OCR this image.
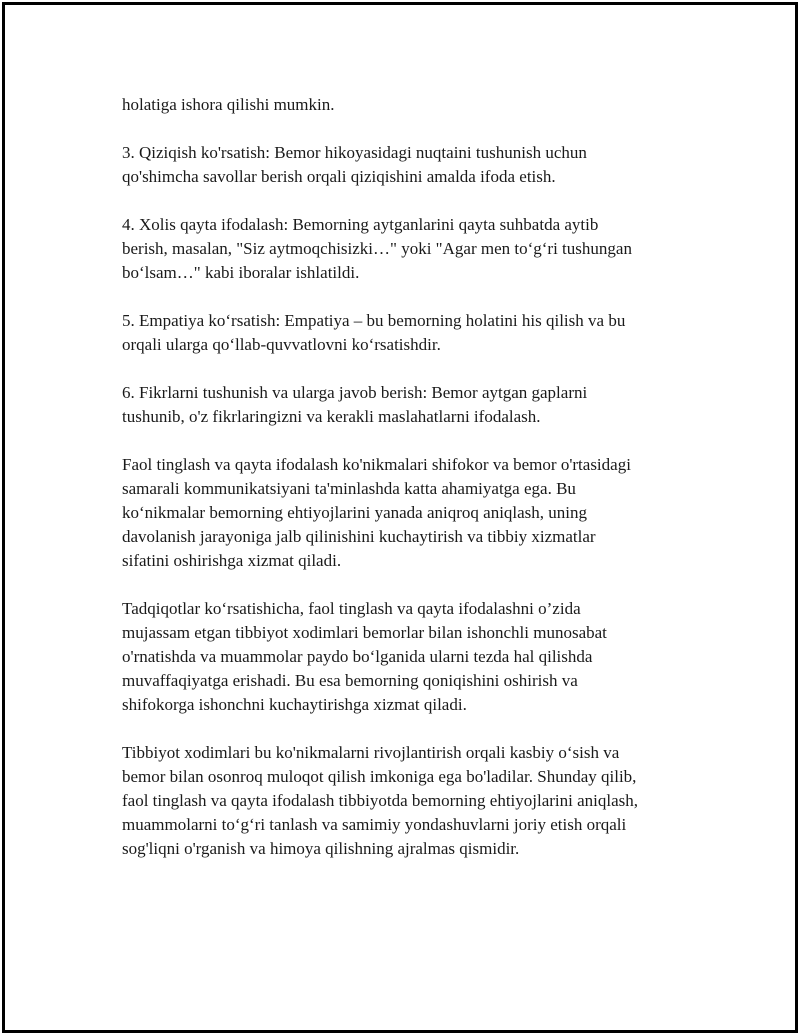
holatiga ishora qilishi mumkin.
3. Qiziqish ko'rsatish: Bemor hikoyasidagi nuqtaini tushunish uchun
qo'shimcha savollar berish orqali qiziqishini amalda ifoda etish.
4. Xolis qayta ifodalash: Bemorning aytganlarini qayta suhbatda aytib
berish, masalan, "Siz aytmoqchisizki…" yoki "Agar men to‘g‘ri tushungan
bo‘lsam…" kabi iboralar ishlatildi.
5. Empatiya ko‘rsatish: Empatiya – bu bemorning holatini his qilish va bu
orqali ularga qo‘llab-quvvatlovni ko‘rsatishdir.
6. Fikrlarni tushunish va ularga javob berish: Bemor aytgan gaplarni
tushunib, o'z fikrlaringizni va kerakli maslahatlarni ifodalash.
Faol tinglash va qayta ifodalash ko'nikmalari shifokor va bemor o'rtasidagi
samarali kommunikatsiyani ta'minlashda katta ahamiyatga ega. Bu
ko‘nikmalar bemorning ehtiyojlarini yanada aniqroq aniqlash, uning
davolanish jarayoniga jalb qilinishini kuchaytirish va tibbiy xizmatlar
sifatini oshirishga xizmat qiladi.
Tadqiqotlar ko‘rsatishicha, faol tinglash va qayta ifodalashni o’zida
mujassam etgan tibbiyot xodimlari bemorlar bilan ishonchli munosabat
o'rnatishda va muammolar paydo bo‘lganida ularni tezda hal qilishda
muvaffaqiyatga erishadi. Bu esa bemorning qoniqishini oshirish va
shifokorga ishonchni kuchaytirishga xizmat qiladi.
Tibbiyot xodimlari bu ko'nikmalarni rivojlantirish orqali kasbiy o‘sish va
bemor bilan osonroq muloqot qilish imkoniga ega bo'ladilar. Shunday qilib,
faol tinglash va qayta ifodalash tibbiyotda bemorning ehtiyojlarini aniqlash,
muammolarni to‘g‘ri tanlash va samimiy yondashuvlarni joriy etish orqali
sog'liqni o'rganish va himoya qilishning ajralmas qismidir.
